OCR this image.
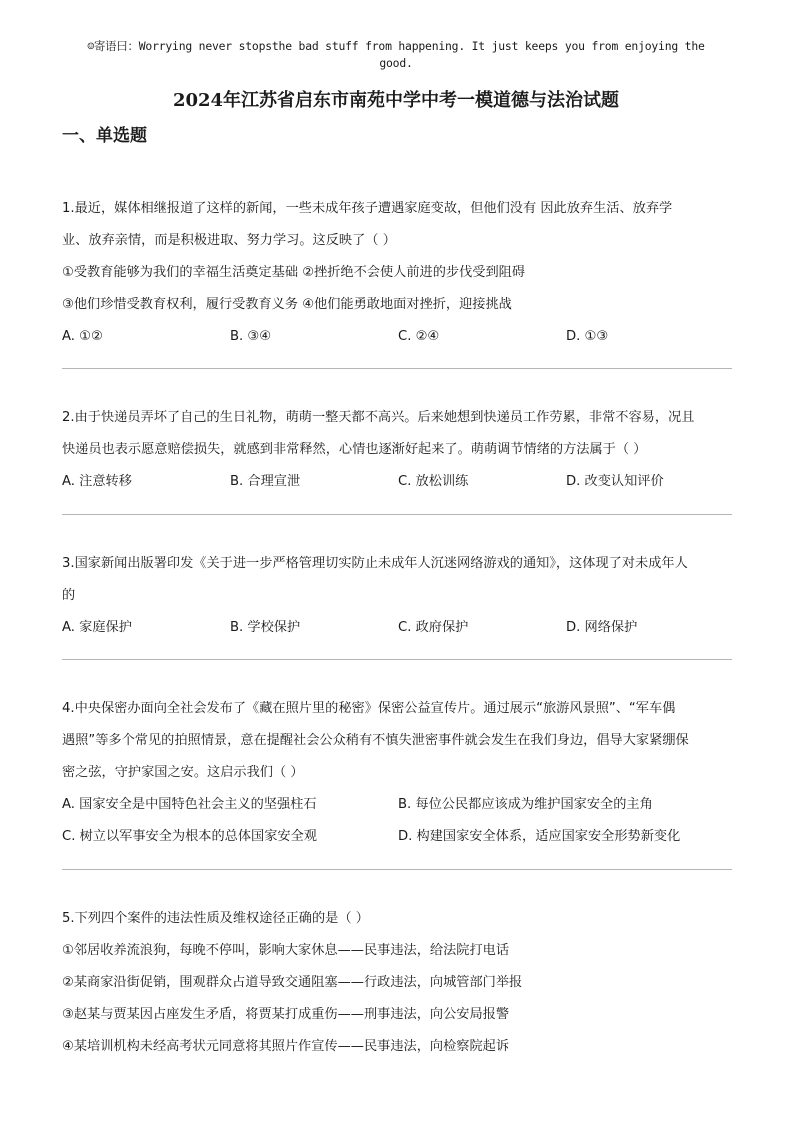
☺寄语曰：Worrying never stopsthe bad stuff from happening. It just keeps you from enjoying the
good.
2024年江苏省启东市南苑中学中考一模道德与法治试题
一、单选题
1.最近，媒体相继报道了这样的新闻，一些未成年孩子遭遇家庭变故，但他们没有 因此放弃生活、放弃学
业、放弃亲情，而是积极进取、努力学习。这反映了（ ）
①受教育能够为我们的幸福生活奠定基础 ②挫折绝不会使人前进的步伐受到阻碍
③他们珍惜受教育权利，履行受教育义务 ④他们能勇敢地面对挫折，迎接挑战
A. ①②	B. ③④	C. ②④	D. ①③
2.由于快递员弄坏了自己的生日礼物，萌萌一整天都不高兴。后来她想到快递员工作劳累，非常不容易，况且
快递员也表示愿意赔偿损失，就感到非常释然，心情也逐渐好起来了。萌萌调节情绪的方法属于（ ）
A. 注意转移	B. 合理宣泄	C. 放松训练	D. 改变认知评价
3.国家新闻出版署印发《关于进一步严格管理切实防止未成年人沉迷网络游戏的通知》，这体现了对未成年人
的
A. 家庭保护	B. 学校保护	C. 政府保护	D. 网络保护
4.中央保密办面向全社会发布了《藏在照片里的秘密》保密公益宣传片。通过展示“旅游风景照”、“军车偶
遇照”等多个常见的拍照情景，意在提醒社会公众稍有不慎失泄密事件就会发生在我们身边，倡导大家紧绷保
密之弦，守护家国之安。这启示我们（ ）
A. 国家安全是中国特色社会主义的坚强柱石	B. 每位公民都应该成为维护国家安全的主角
C. 树立以军事安全为根本的总体国家安全观	D. 构建国家安全体系，适应国家安全形势新变化
5.下列四个案件的违法性质及维权途径正确的是（ ）
①邻居收养流浪狗，每晚不停叫，影响大家休息——民事违法，给法院打电话
②某商家沿街促销，围观群众占道导致交通阻塞——行政违法，向城管部门举报
③赵某与贾某因占座发生矛盾，将贾某打成重伤——刑事违法，向公安局报警
④某培训机构未经高考状元同意将其照片作宣传——民事违法，向检察院起诉
